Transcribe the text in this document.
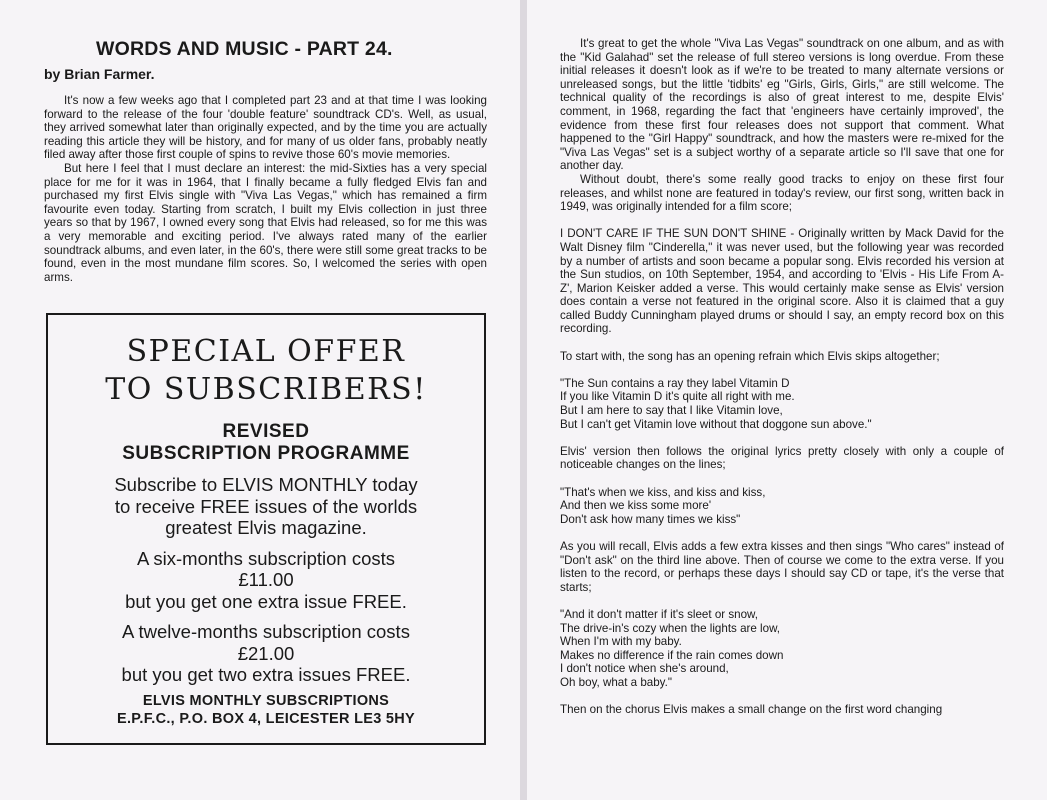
WORDS AND MUSIC - PART 24.
by Brian Farmer.

It's now a few weeks ago that I completed part 23 and at that time I was looking forward to the release of the four 'double feature' soundtrack CD's. Well, as usual, they arrived somewhat later than originally expected, and by the time you are actually reading this article they will be history, and for many of us older fans, probably neatly filed away after those first couple of spins to revive those 60's movie memories.

But here I feel that I must declare an interest: the mid-Sixties has a very special place for me for it was in 1964, that I finally became a fully fledged Elvis fan and purchased my first Elvis single with "Viva Las Vegas," which has remained a firm favourite even today. Starting from scratch, I built my Elvis collection in just three years so that by 1967, I owned every song that Elvis had released, so for me this was a very memorable and exciting period. I've always rated many of the earlier soundtrack albums, and even later, in the 60's, there were still some great tracks to be found, even in the most mundane film scores. So, I welcomed the series with open arms.

SPECIAL OFFER
TO SUBSCRIBERS!
REVISED
SUBSCRIPTION PROGRAMME
Subscribe to ELVIS MONTHLY today
to receive FREE issues of the worlds
greatest Elvis magazine.
A six-months subscription costs
£11.00
but you get one extra issue FREE.
A twelve-months subscription costs
£21.00
but you get two extra issues FREE.
ELVIS MONTHLY SUBSCRIPTIONS
E.P.F.C., P.O. BOX 4, LEICESTER LE3 5HY

It's great to get the whole "Viva Las Vegas" soundtrack on one album, and as with the "Kid Galahad" set the release of full stereo versions is long overdue. From these initial releases it doesn't look as if we're to be treated to many alternate versions or unreleased songs, but the little 'tidbits' eg "Girls, Girls, Girls," are still welcome. The technical quality of the recordings is also of great interest to me, despite Elvis' comment, in 1968, regarding the fact that 'engineers have certainly improved', the evidence from these first four releases does not support that comment. What happened to the "Girl Happy" soundtrack, and how the masters were re-mixed for the "Viva Las Vegas" set is a subject worthy of a separate article so I'll save that one for another day.

Without doubt, there's some really good tracks to enjoy on these first four releases, and whilst none are featured in today's review, our first song, written back in 1949, was originally intended for a film score;

I DON'T CARE IF THE SUN DON'T SHINE - Originally written by Mack David for the Walt Disney film "Cinderella," it was never used, but the following year was recorded by a number of artists and soon became a popular song. Elvis recorded his version at the Sun studios, on 10th September, 1954, and according to 'Elvis - His Life From A-Z', Marion Keisker added a verse. This would certainly make sense as Elvis' version does contain a verse not featured in the original score. Also it is claimed that a guy called Buddy Cunningham played drums or should I say, an empty record box on this recording.

To start with, the song has an opening refrain which Elvis skips altogether;

"The Sun contains a ray they label Vitamin D
If you like Vitamin D it's quite all right with me.
But I am here to say that I like Vitamin love,
But I can't get Vitamin love without that doggone sun above."

Elvis' version then follows the original lyrics pretty closely with only a couple of noticeable changes on the lines;

"That's when we kiss, and kiss and kiss,
And then we kiss some more'
Don't ask how many times we kiss"

As you will recall, Elvis adds a few extra kisses and then sings "Who cares" instead of "Don't ask" on the third line above. Then of course we come to the extra verse. If you listen to the record, or perhaps these days I should say CD or tape, it's the verse that starts;

"And it don't matter if it's sleet or snow,
The drive-in's cozy when the lights are low,
When I'm with my baby.
Makes no difference if the rain comes down
I don't notice when she's around,
Oh boy, what a baby."

Then on the chorus Elvis makes a small change on the first word changing
